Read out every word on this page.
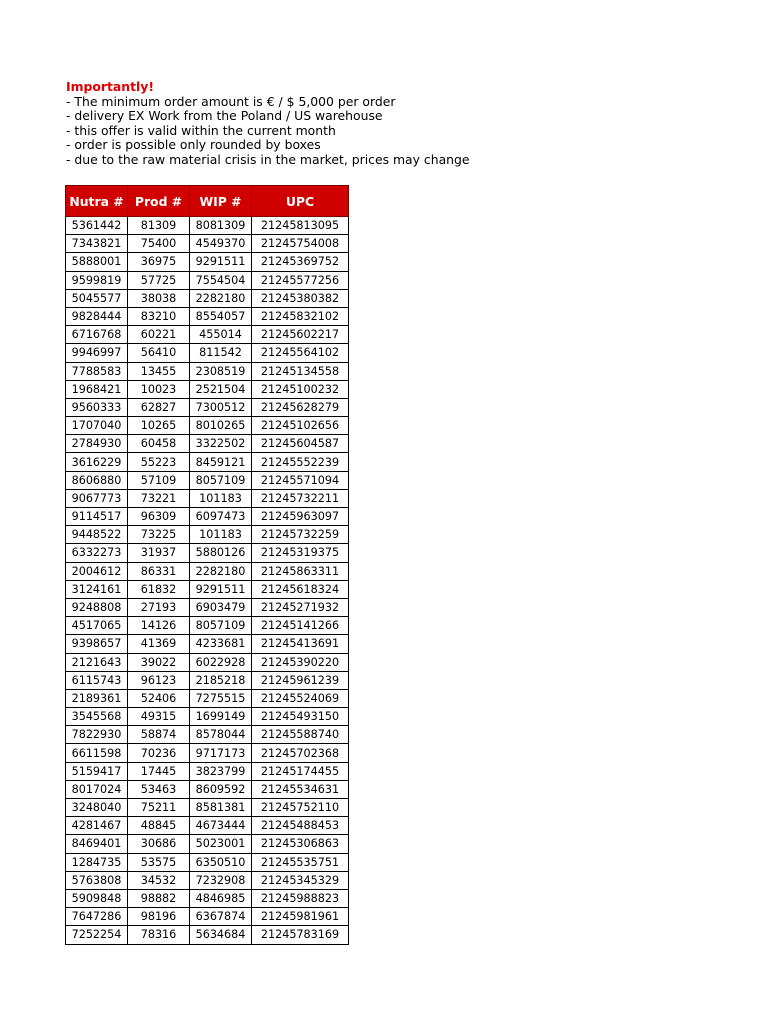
Importantly!
- The minimum order amount is € / $ 5,000 per order
- delivery EX Work from the Poland / US warehouse
- this offer is valid within the current month
- order is possible only rounded by boxes
- due to the raw material crisis in the market, prices may change
Nutra #	Prod #	WIP #	UPC
5361442	81309	8081309	21245813095
7343821	75400	4549370	21245754008
5888001	36975	9291511	21245369752
9599819	57725	7554504	21245577256
5045577	38038	2282180	21245380382
9828444	83210	8554057	21245832102
6716768	60221	455014	21245602217
9946997	56410	811542	21245564102
7788583	13455	2308519	21245134558
1968421	10023	2521504	21245100232
9560333	62827	7300512	21245628279
1707040	10265	8010265	21245102656
2784930	60458	3322502	21245604587
3616229	55223	8459121	21245552239
8606880	57109	8057109	21245571094
9067773	73221	101183	21245732211
9114517	96309	6097473	21245963097
9448522	73225	101183	21245732259
6332273	31937	5880126	21245319375
2004612	86331	2282180	21245863311
3124161	61832	9291511	21245618324
9248808	27193	6903479	21245271932
4517065	14126	8057109	21245141266
9398657	41369	4233681	21245413691
2121643	39022	6022928	21245390220
6115743	96123	2185218	21245961239
2189361	52406	7275515	21245524069
3545568	49315	1699149	21245493150
7822930	58874	8578044	21245588740
6611598	70236	9717173	21245702368
5159417	17445	3823799	21245174455
8017024	53463	8609592	21245534631
3248040	75211	8581381	21245752110
4281467	48845	4673444	21245488453
8469401	30686	5023001	21245306863
1284735	53575	6350510	21245535751
5763808	34532	7232908	21245345329
5909848	98882	4846985	21245988823
7647286	98196	6367874	21245981961
7252254	78316	5634684	21245783169
